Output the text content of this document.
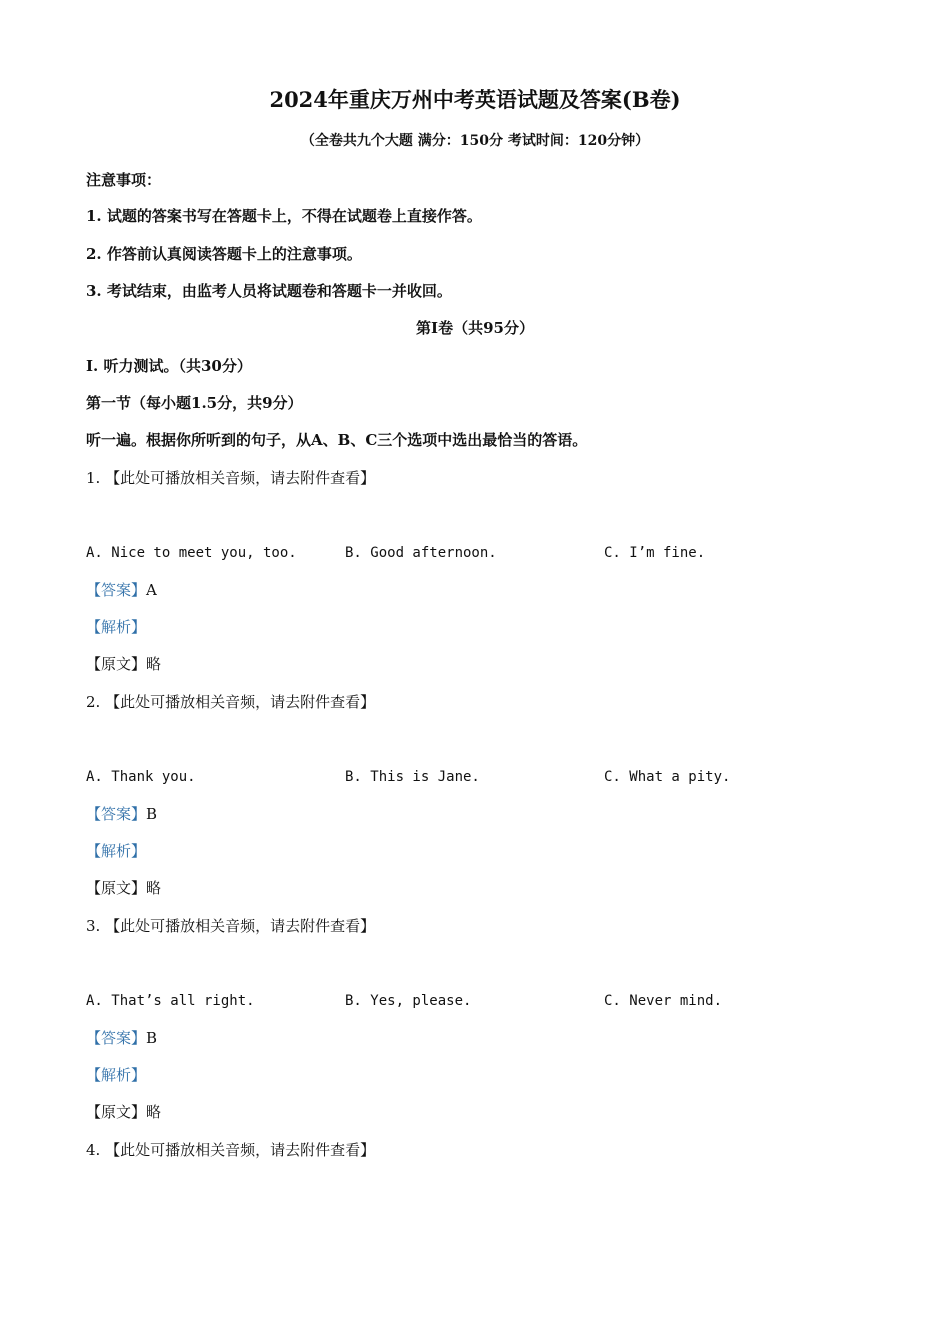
2024年重庆万州中考英语试题及答案(B卷)
（全卷共九个大题 满分：150分 考试时间：120分钟）
注意事项：
1. 试题的答案书写在答题卡上，不得在试题卷上直接作答。
2. 作答前认真阅读答题卡上的注意事项。
3. 考试结束，由监考人员将试题卷和答题卡一并收回。
第Ⅰ卷（共95分）
Ⅰ. 听力测试。（共30分）
第一节（每小题1.5分，共9分）
听一遍。根据你所听到的句子，从A、B、C三个选项中选出最恰当的答语。
1. 【此处可播放相关音频，请去附件查看】
A. Nice to meet you, too.	B. Good afternoon.	C. I’m fine.
【答案】A
【解析】
【原文】略
2. 【此处可播放相关音频，请去附件查看】
A. Thank you.	B. This is Jane.	C. What a pity.
【答案】B
【解析】
【原文】略
3. 【此处可播放相关音频，请去附件查看】
A. That’s all right.	B. Yes, please.	C. Never mind.
【答案】B
【解析】
【原文】略
4. 【此处可播放相关音频，请去附件查看】
